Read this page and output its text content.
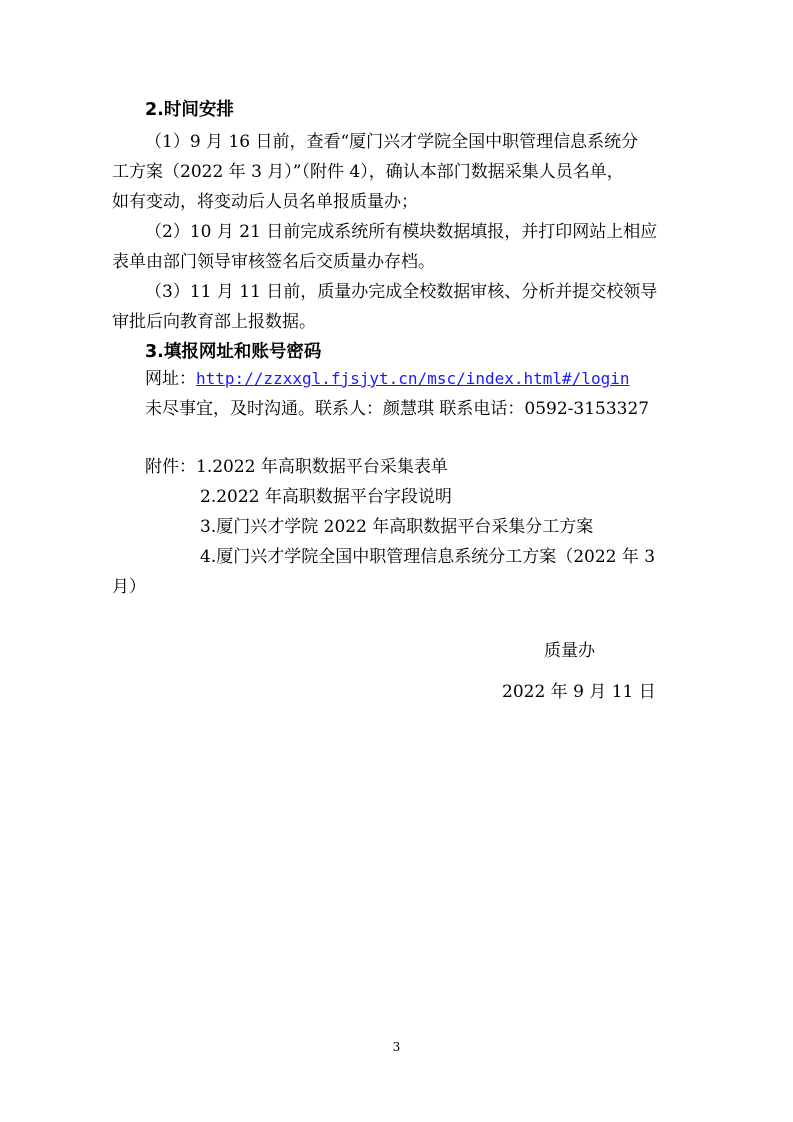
2.时间安排
（1）9 月 16 日前，查看“厦门兴才学院全国中职管理信息系统分
工方案（2022 年 3 月）”（附件 4），确认本部门数据采集人员名单，
如有变动，将变动后人员名单报质量办；
（2）10 月 21 日前完成系统所有模块数据填报，并打印网站上相应
表单由部门领导审核签名后交质量办存档。
（3）11 月 11 日前，质量办完成全校数据审核、分析并提交校领导
审批后向教育部上报数据。
3.填报网址和账号密码
网址：http://zzxxgl.fjsjyt.cn/msc/index.html#/login
未尽事宜，及时沟通。联系人：颜慧琪 联系电话：0592-3153327
附件：1.2022 年高职数据平台采集表单
2.2022 年高职数据平台字段说明
3.厦门兴才学院 2022 年高职数据平台采集分工方案
4.厦门兴才学院全国中职管理信息系统分工方案（2022 年 3
月）
质量办
2022 年 9 月 11 日
3
